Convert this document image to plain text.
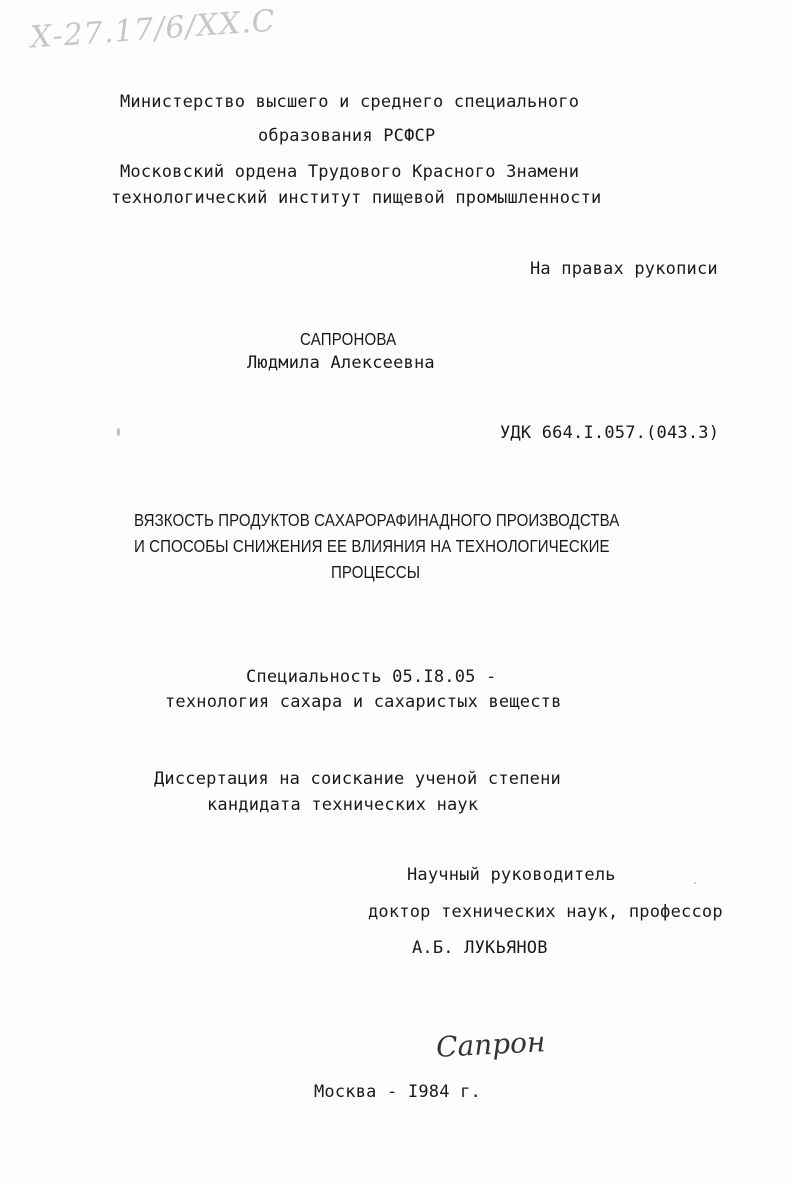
Х-27.17/6/ХХ.С
Министерство высшего и среднего специального
образования РСФСР
Московский ордена Трудового Красного Знамени
технологический институт пищевой промышленности
На правах рукописи
САПРОНОВА
Людмила Алексеевна
УДК 664.I.057.(043.3)
ВЯЗКОСТЬ ПРОДУКТОВ САХАРОРАФИНАДНОГО ПРОИЗВОДСТВА
И СПОСОБЫ СНИЖЕНИЯ ЕЕ ВЛИЯНИЯ НА ТЕХНОЛОГИЧЕСКИЕ
ПРОЦЕССЫ
Специальность 05.I8.05 -
технология сахара и сахаристых веществ
Диссертация на соискание ученой степени
кандидата технических наук
Научный руководитель
доктор технических наук, профессор
А.Б. ЛУКЬЯНОВ
Сапрон
Москва - I984 г.
